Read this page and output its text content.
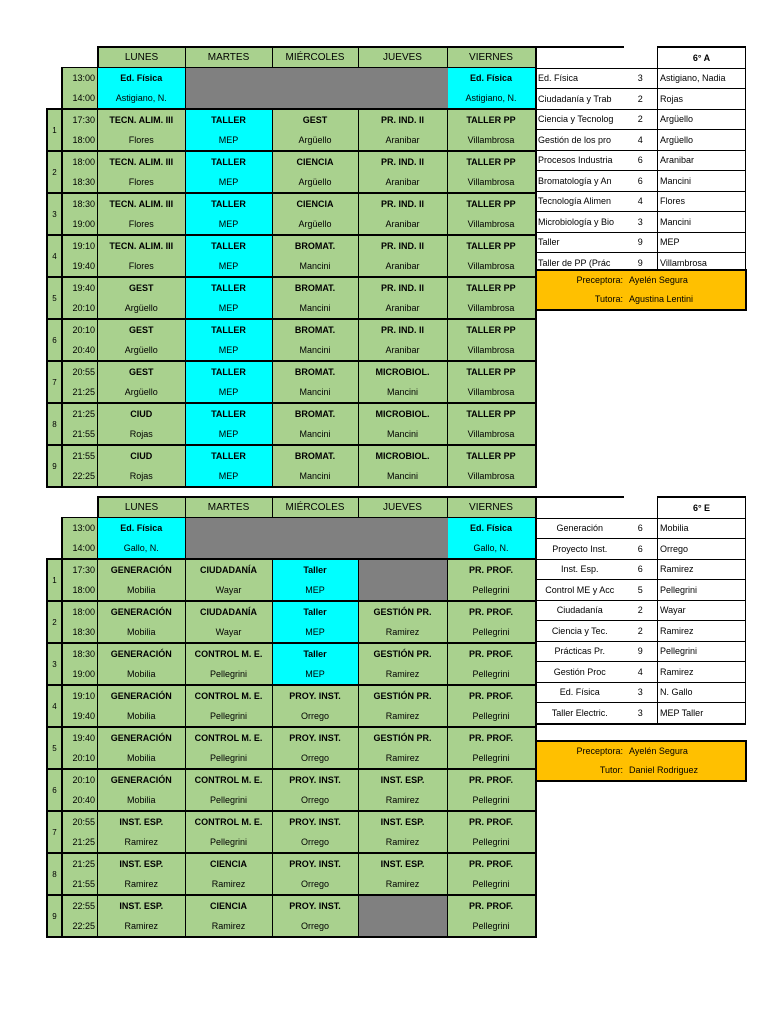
		LUNES	MARTES	MIÉRCOLES	JUEVES	VIERNES
	13:00	Ed. Física				Ed. Física
	14:00	Astigiano, N.				Astigiano, N.
1	17:30	TECN. ALIM. III	TALLER	GEST	PR. IND. II	TALLER PP
	18:00	Flores	MEP	Argüello	Aranibar	Villambrosa
2	18:00	TECN. ALIM. III	TALLER	CIENCIA	PR. IND. II	TALLER PP
	18:30	Flores	MEP	Argüello	Aranibar	Villambrosa
3	18:30	TECN. ALIM. III	TALLER	CIENCIA	PR. IND. II	TALLER PP
	19:00	Flores	MEP	Argüello	Aranibar	Villambrosa
4	19:10	TECN. ALIM. III	TALLER	BROMAT.	PR. IND. II	TALLER PP
	19:40	Flores	MEP	Mancini	Aranibar	Villambrosa
5	19:40	GEST	TALLER	BROMAT.	PR. IND. II	TALLER PP
	20:10	Argüello	MEP	Mancini	Aranibar	Villambrosa
6	20:10	GEST	TALLER	BROMAT.	PR. IND. II	TALLER PP
	20:40	Argüello	MEP	Mancini	Aranibar	Villambrosa
7	20:55	GEST	TALLER	BROMAT.	MICROBIOL.	TALLER PP
	21:25	Argüello	MEP	Mancini	Mancini	Villambrosa
8	21:25	CIUD	TALLER	BROMAT.	MICROBIOL.	TALLER PP
	21:55	Rojas	MEP	Mancini	Mancini	Villambrosa
9	21:55	CIUD	TALLER	BROMAT.	MICROBIOL.	TALLER PP
	22:25	Rojas	MEP	Mancini	Mancini	Villambrosa
		LUNES	MARTES	MIÉRCOLES	JUEVES	VIERNES
	13:00	Ed. Física				Ed. Física
	14:00	Gallo, N.				Gallo, N.
1	17:30	GENERACIÓN	CIUDADANÍA	Taller		PR. PROF.
	18:00	Mobilia	Wayar	MEP		Pellegrini
2	18:00	GENERACIÓN	CIUDADANÍA	Taller	GESTIÓN PR.	PR. PROF.
	18:30	Mobilia	Wayar	MEP	Ramirez	Pellegrini
3	18:30	GENERACIÓN	CONTROL M. E.	Taller	GESTIÓN PR.	PR. PROF.
	19:00	Mobilia	Pellegrini	MEP	Ramirez	Pellegrini
4	19:10	GENERACIÓN	CONTROL M. E.	PROY. INST.	GESTIÓN PR.	PR. PROF.
	19:40	Mobilia	Pellegrini	Orrego	Ramirez	Pellegrini
5	19:40	GENERACIÓN	CONTROL M. E.	PROY. INST.	GESTIÓN PR.	PR. PROF.
	20:10	Mobilia	Pellegrini	Orrego	Ramirez	Pellegrini
6	20:10	GENERACIÓN	CONTROL M. E.	PROY. INST.	INST. ESP.	PR. PROF.
	20:40	Mobilia	Pellegrini	Orrego	Ramirez	Pellegrini
7	20:55	INST. ESP.	CONTROL M. E.	PROY. INST.	INST. ESP.	PR. PROF.
	21:25	Ramirez	Pellegrini	Orrego	Ramirez	Pellegrini
8	21:25	INST. ESP.	CIENCIA	PROY. INST.	INST. ESP.	PR. PROF.
	21:55	Ramirez	Ramirez	Orrego	Ramirez	Pellegrini
9	22:55	INST. ESP.	CIENCIA	PROY. INST.		PR. PROF.
	22:25	Ramirez	Ramirez	Orrego		Pellegrini
		6° A
Ed. Física	3	Astigiano, Nadia
Ciudadanía y Trab	2	Rojas
Ciencia y Tecnolog	2	Argüello
Gestión de los pro	4	Argüello
Procesos Industria	6	Aranibar
Bromatología y An	6	Mancini
Tecnología Alimen	4	Flores
Microbiología y Bio	3	Mancini
Taller	9	MEP
Taller de PP (Prác	9	Villambrosa
Preceptora: Ayelén Segura
Tutora: Agustina Lentini
		6° E
Generación	6	Mobilia
Proyecto Inst.	6	Orrego
Inst. Esp.	6	Ramirez
Control ME y Acc	5	Pellegrini
Ciudadanía	2	Wayar
Ciencia y Tec.	2	Ramirez
Prácticas Pr.	9	Pellegrini
Gestión Proc	4	Ramirez
Ed. Física	3	N. Gallo
Taller Electric.	3	MEP Taller
Preceptora: Ayelén Segura
Tutor: Daniel Rodriguez
